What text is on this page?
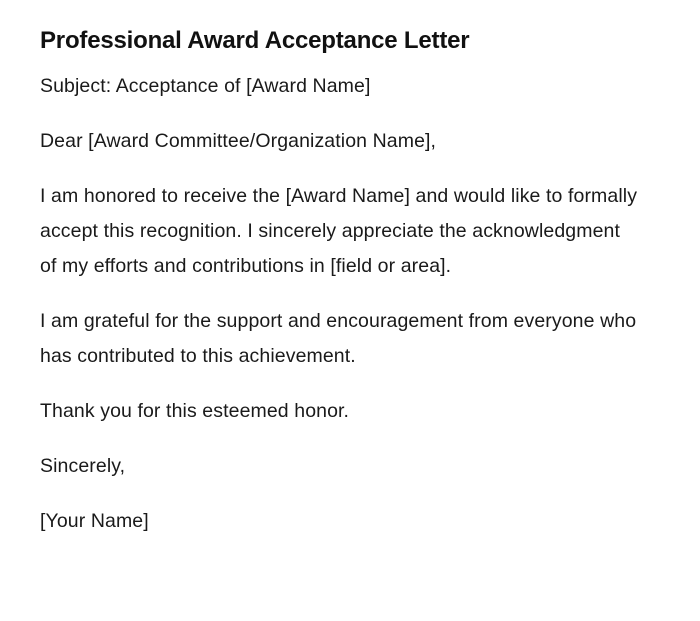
Professional Award Acceptance Letter

Subject: Acceptance of [Award Name]

Dear [Award Committee/Organization Name],

I am honored to receive the [Award Name] and would like to formally accept this recognition. I sincerely appreciate the acknowledgment of my efforts and contributions in [field or area].

I am grateful for the support and encouragement from everyone who has contributed to this achievement.

Thank you for this esteemed honor.

Sincerely,

[Your Name]
